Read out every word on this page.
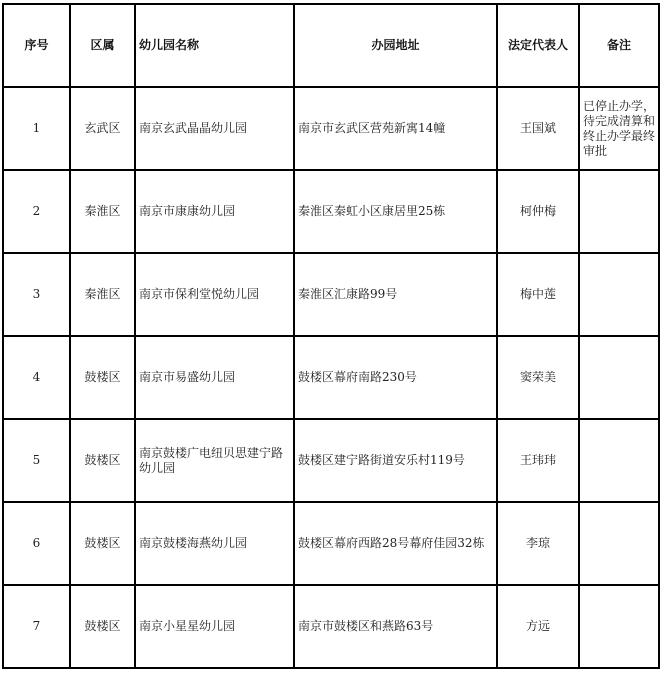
序号	区属	幼儿园名称	办园地址	法定代表人	备注
1	玄武区	南京玄武晶晶幼儿园	南京市玄武区营苑新寓14幢	王国斌	已停止办学，待完成清算和终止办学最终审批
2	秦淮区	南京市康康幼儿园	秦淮区秦虹小区康居里25栋	柯仲梅	
3	秦淮区	南京市保利堂悦幼儿园	秦淮区汇康路99号	梅中莲	
4	鼓楼区	南京市易盛幼儿园	鼓楼区幕府南路230号	窦荣美	
5	鼓楼区	南京鼓楼广电纽贝思建宁路幼儿园	鼓楼区建宁路街道安乐村119号	王玮玮	
6	鼓楼区	南京鼓楼海燕幼儿园	鼓楼区幕府西路28号幕府佳园32栋	李琼	
7	鼓楼区	南京小星星幼儿园	南京市鼓楼区和燕路63号	方远	
